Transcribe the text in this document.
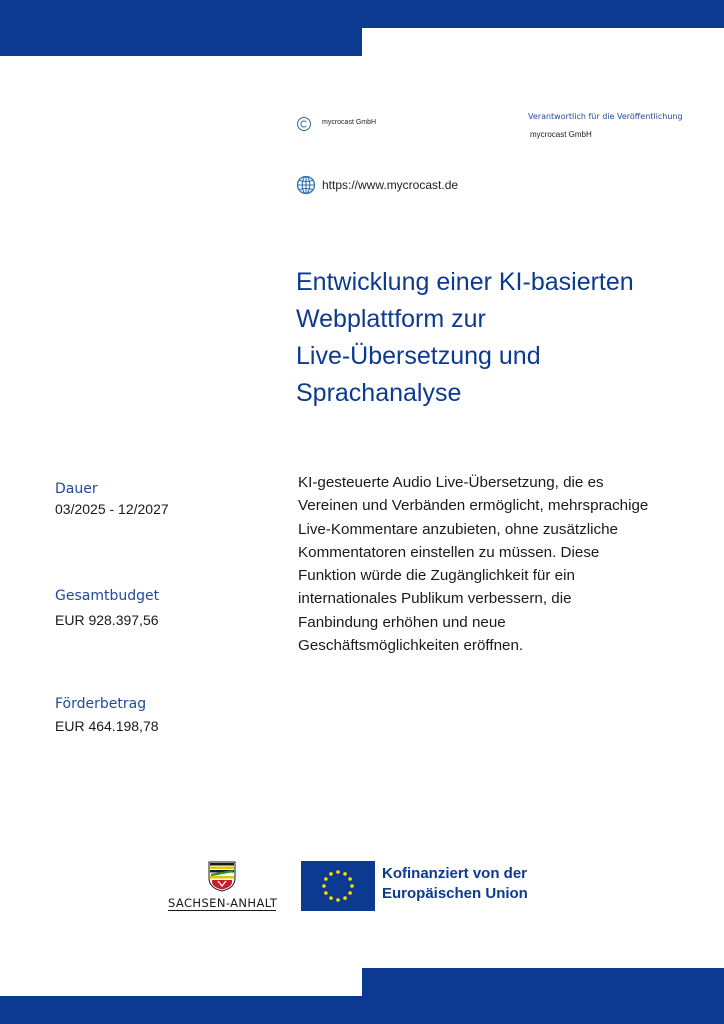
mycrocast GmbH
Verantwortlich für die Veröffentlichung
mycrocast GmbH
https://www.mycrocast.de
Entwicklung einer KI-basierten
Webplattform zur
Live-Übersetzung und
Sprachanalyse
Dauer
03/2025 - 12/2027
Gesamtbudget
EUR 928.397,56
Förderbetrag
EUR 464.198,78

KI-gesteuerte Audio Live-Übersetzung, die es
Vereinen und Verbänden ermöglicht, mehrsprachige
Live-Kommentare anzubieten, ohne zusätzliche
Kommentatoren einstellen zu müssen. Diese
Funktion würde die Zugänglichkeit für ein
internationales Publikum verbessern, die
Fanbindung erhöhen und neue
Geschäftsmöglichkeiten eröffnen.

SACHSEN-ANHALT
Kofinanziert von der
Europäischen Union
